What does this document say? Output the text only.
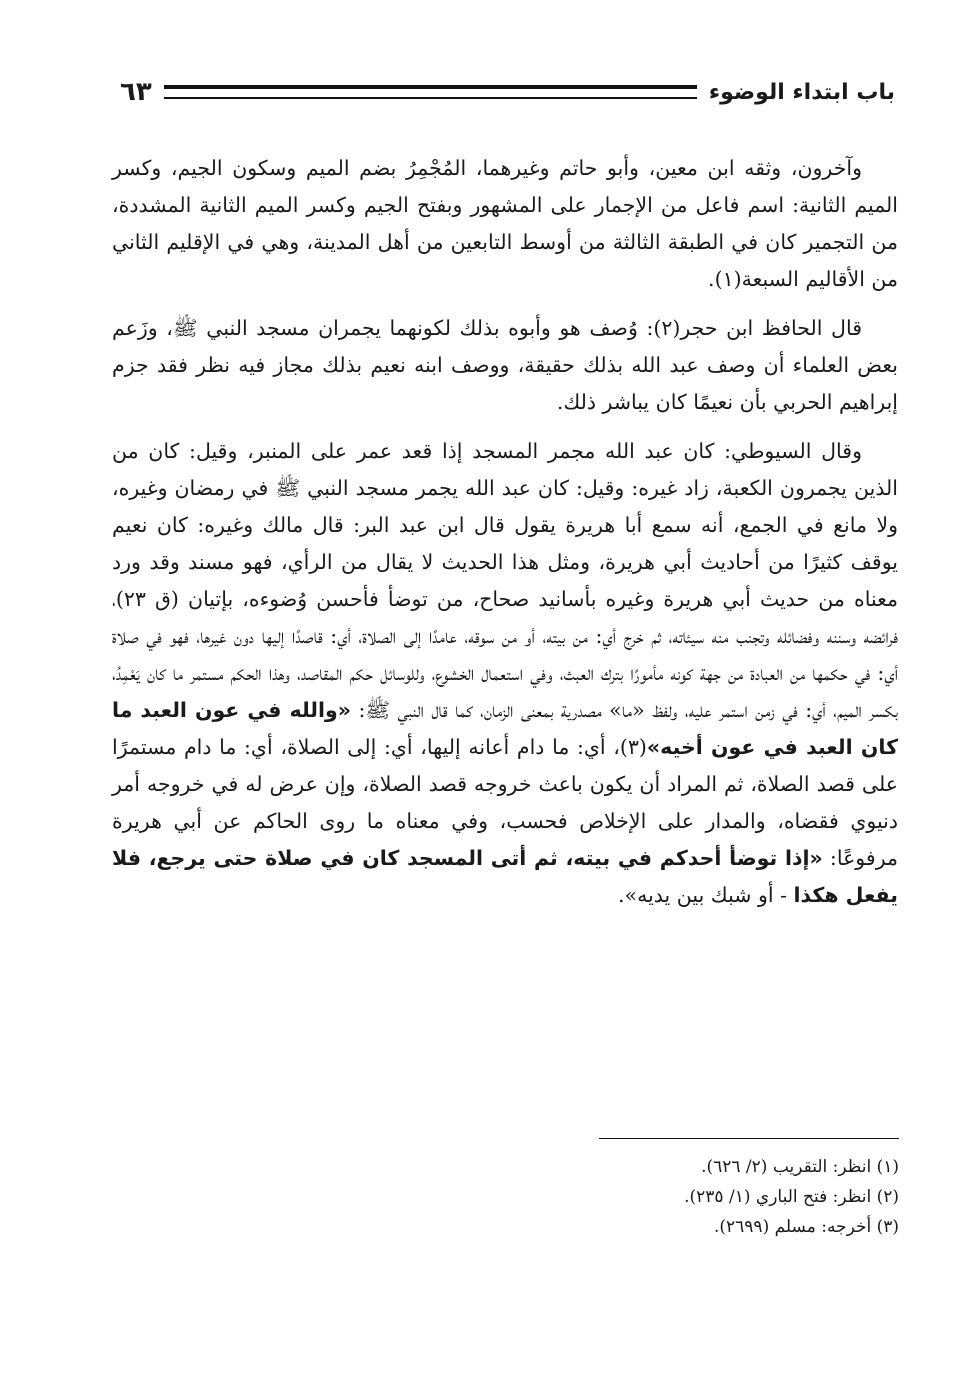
باب ابتداء الوضوء
٦٣

وآخرون، وثقه ابن معين، وأبو حاتم وغيرهما، المُجْمِرُ بضم الميم وسكون الجيم، وكسر الميم الثانية: اسم فاعل من الإجمار على المشهور وبفتح الجيم وكسر الميم الثانية المشددة، من التجمير كان في الطبقة الثالثة من أوسط التابعين من أهل المدينة، وهي في الإقليم الثاني من الأقاليم السبعة(١).

قال الحافظ ابن حجر(٢): وُصف هو وأبوه بذلك لكونهما يجمران مسجد النبي ﷺ، وزَعم بعض العلماء أن وصف عبد الله بذلك حقيقة، ووصف ابنه نعيم بذلك مجاز فيه نظر فقد جزم إبراهيم الحربي بأن نعيمًا كان يباشر ذلك.

وقال السيوطي: كان عبد الله مجمر المسجد إذا قعد عمر على المنبر، وقيل: كان من الذين يجمرون الكعبة، زاد غيره: وقيل: كان عبد الله يجمر مسجد النبي ﷺ في رمضان وغيره، ولا مانع في الجمع، أنه سمع أبا هريرة يقول قال ابن عبد البر: قال مالك وغيره: كان نعيم يوقف كثيرًا من أحاديث أبي هريرة، ومثل هذا الحديث لا يقال من الرأي، فهو مسند وقد ورد معناه من حديث أبي هريرة وغيره بأسانيد صحاح، من توضأ فأحسن وُضوءه، بإتيان (ق ٢٣)، فرائضه وسننه وفضائله وتجنب منه سيئاته، ثم خرج أي: من بيته، أو من سوقه، عامدًا إلى الصلاة، أي: قاصدًا إليها دون غيرها، فهو في صلاة أي: في حكمها من العبادة من جهة كونه مأمورًا بترك العبث، وفي استعمال الخشوع، وللوسائل حكم المقاصد، وهذا الحكم مستمر ما كان يَعْمِدُ، بكسر الميم، أي: في زمن استمر عليه، ولفظ «ما» مصدرية بمعنى الزمان، كما قال النبي ﷺ: «والله في عون العبد ما كان العبد في عون أخيه»(٣)، أي: ما دام أعانه إليها، أي: إلى الصلاة، أي: ما دام مستمرًا على قصد الصلاة، ثم المراد أن يكون باعث خروجه قصد الصلاة، وإن عرض له في خروجه أمر دنيوي فقضاه، والمدار على الإخلاص فحسب، وفي معناه ما روى الحاكم عن أبي هريرة مرفوعًا: «إذا توضأ أحدكم في بيته، ثم أتى المسجد كان في صلاة حتى يرجع، فلا يفعل هكذا - أو شبك بين يديه».

(١) انظر: التقريب (٢/ ٦٢٦).

(٢) انظر: فتح الباري (١/ ٢٣٥).

(٣) أخرجه: مسلم (٢٦٩٩).
